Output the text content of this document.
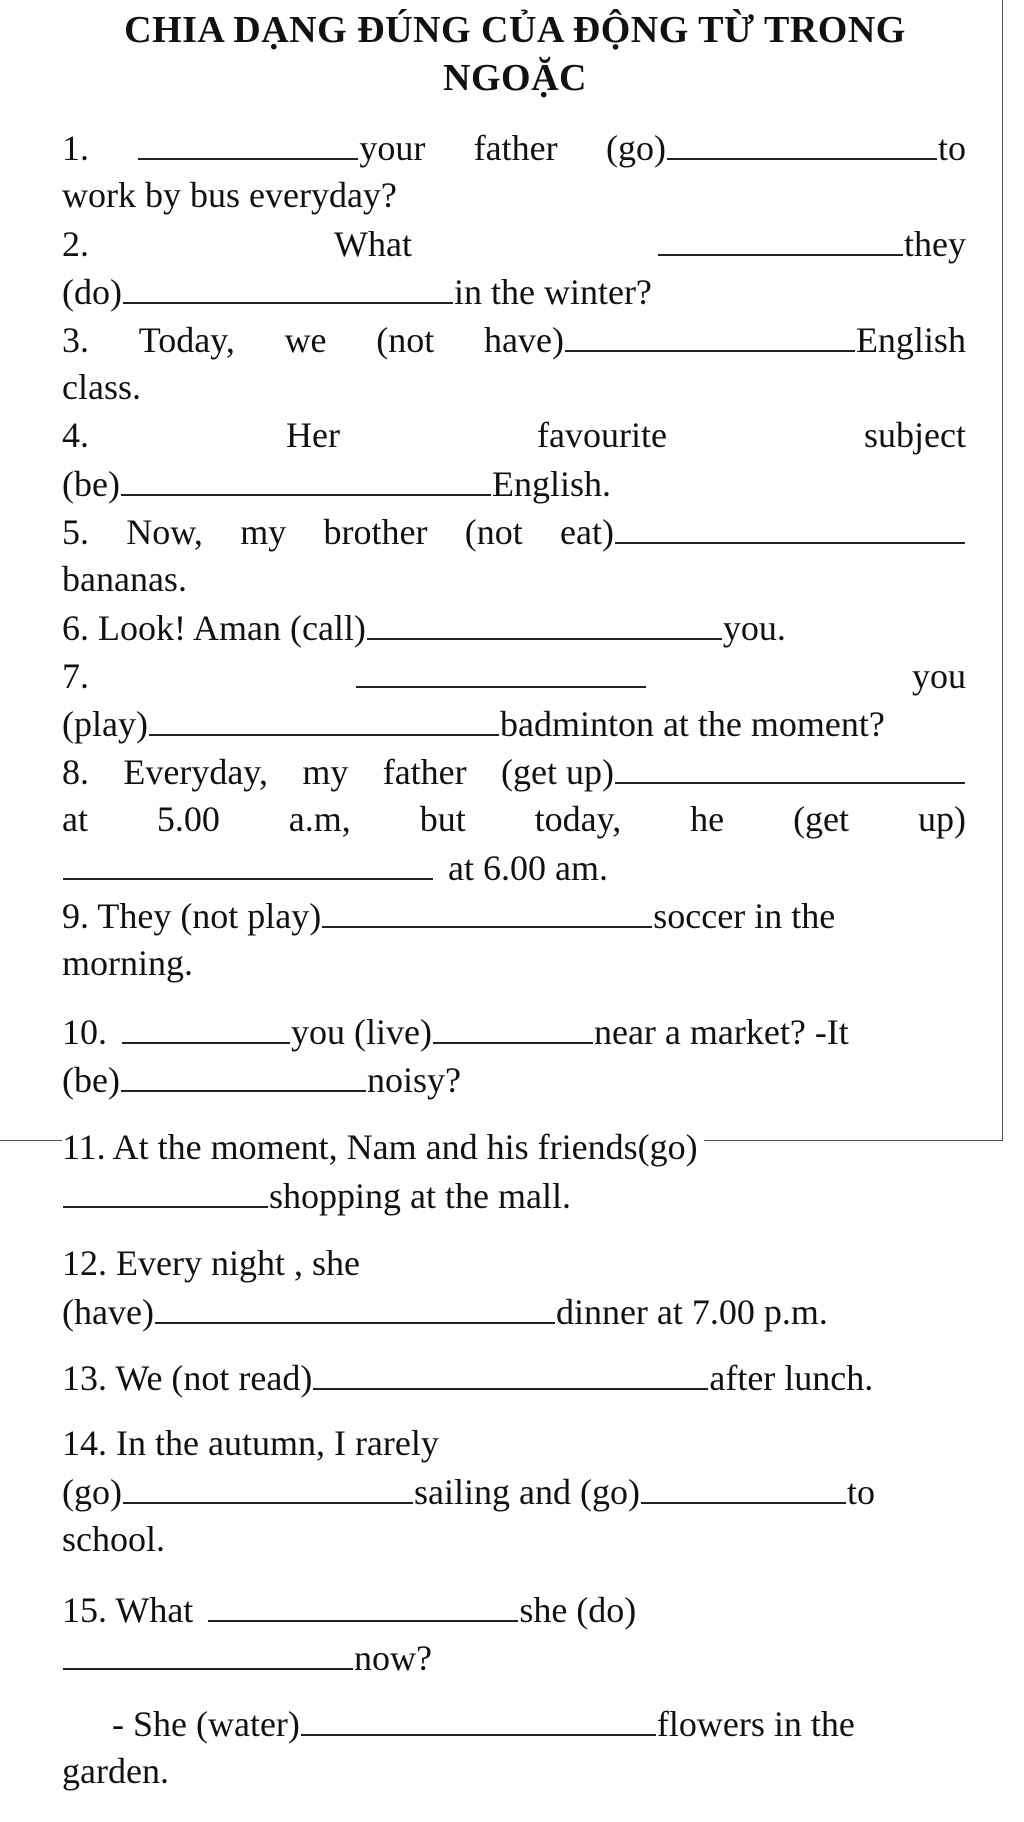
CHIA DẠNG ĐÚNG CỦA ĐỘNG TỪ TRONG
NGOẶC
1.	your father (go)	to
work by bus everyday?
2.	What	they
(do)	in the winter?
3. Today, we (not have)	English
class.
4.	Her	favourite	subject
(be)	English.
5. Now, my brother (not eat)
bananas.
6. Look! Aman (call)	you.
7.	you
(play)	badminton at the moment?
8. Everyday, my father (get up)
at 5.00 a.m, but today, he (get up)
at 6.00 am.
9. They (not play)	soccer in the
morning.
10.	you (live)	near a market? -It
(be)	noisy?
11. At the moment, Nam and his friends(go)
shopping at the mall.
12. Every night , she
(have)	dinner at 7.00 p.m.
13. We (not read)	after lunch.
14. In the autumn, I rarely
(go)	sailing and (go)	to
school.
15. What	she (do)
now?
- She (water)	flowers in the
garden.
